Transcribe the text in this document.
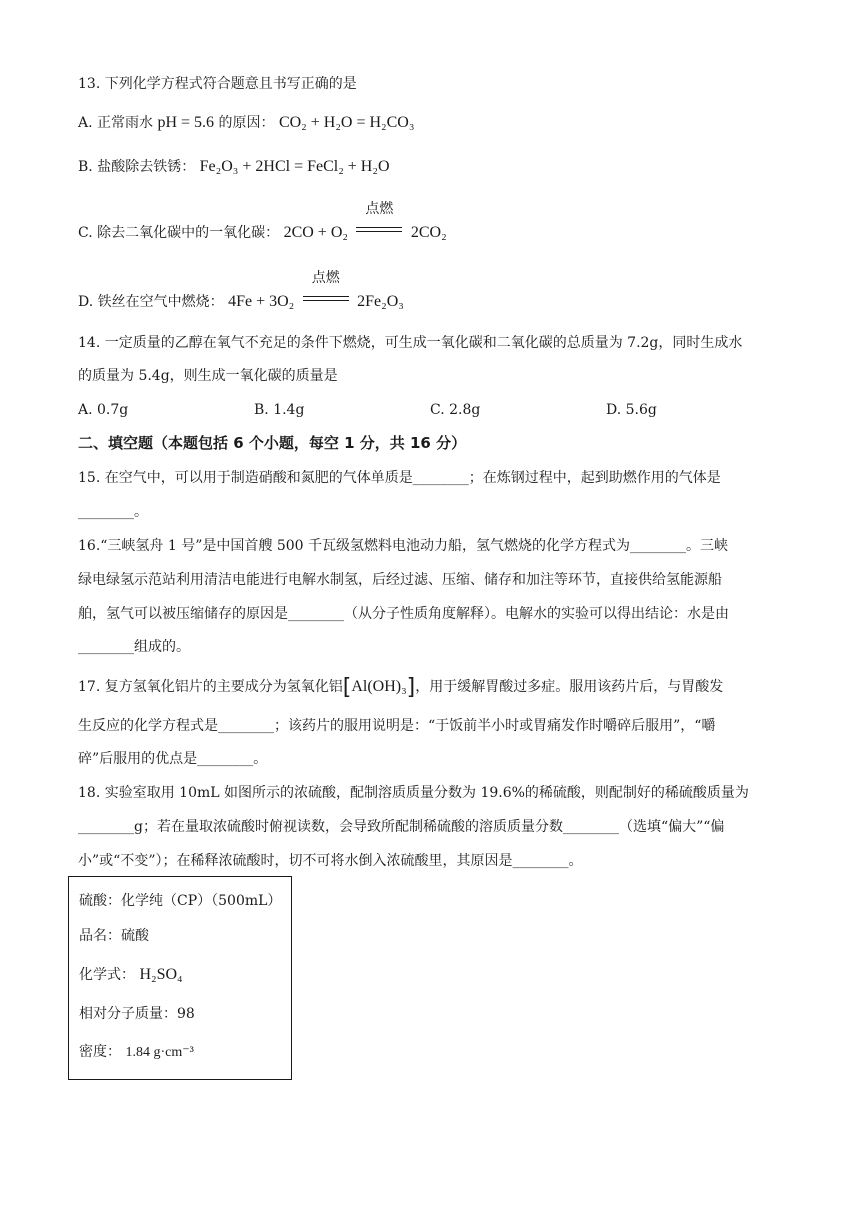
13. 下列化学方程式符合题意且书写正确的是
A. 正常雨水 pH = 5.6 的原因： CO₂ + H₂O = H₂CO₃
B. 盐酸除去铁锈： Fe₂O₃ + 2HCl = FeCl₂ + H₂O
C. 除去二氧化碳中的一氧化碳： 2CO + O₂
点燃
2CO₂
D. 铁丝在空气中燃烧： 4Fe + 3O₂
点燃
2Fe₂O₃
14. 一定质量的乙醇在氧气不充足的条件下燃烧，可生成一氧化碳和二氧化碳的总质量为 7.2g，同时生成水
的质量为 5.4g，则生成一氧化碳的质量是
A. 0.7g	B. 1.4g	C. 2.8g	D. 5.6g
二、填空题（本题包括 6 个小题，每空 1 分，共 16 分）
15. 在空气中，可以用于制造硝酸和氮肥的气体单质是________；在炼钢过程中，起到助燃作用的气体是
________。
16.“三峡氢舟 1 号”是中国首艘 500 千瓦级氢燃料电池动力船，氢气燃烧的化学方程式为________。三峡
绿电绿氢示范站利用清洁电能进行电解水制氢，后经过滤、压缩、储存和加注等环节，直接供给氢能源船
舶，氢气可以被压缩储存的原因是________（从分子性质角度解释）。电解水的实验可以得出结论：水是由
________组成的。
17. 复方氢氧化铝片的主要成分为氢氧化铝[Al(OH)₃]，用于缓解胃酸过多症。服用该药片后，与胃酸发
生反应的化学方程式是________；该药片的服用说明是：“于饭前半小时或胃痛发作时嚼碎后服用”，“嚼
碎”后服用的优点是________。
18. 实验室取用 10mL 如图所示的浓硫酸，配制溶质质量分数为 19.6%的稀硫酸，则配制好的稀硫酸质量为
________g；若在量取浓硫酸时俯视读数，会导致所配制稀硫酸的溶质质量分数________（选填“偏大”“偏
小”或“不变”）；在稀释浓硫酸时，切不可将水倒入浓硫酸里，其原因是________。
硫酸：化学纯（CP）（500mL）
品名：硫酸
化学式： H₂SO₄
相对分子质量：98
密度： 1.84 g·cm⁻³
